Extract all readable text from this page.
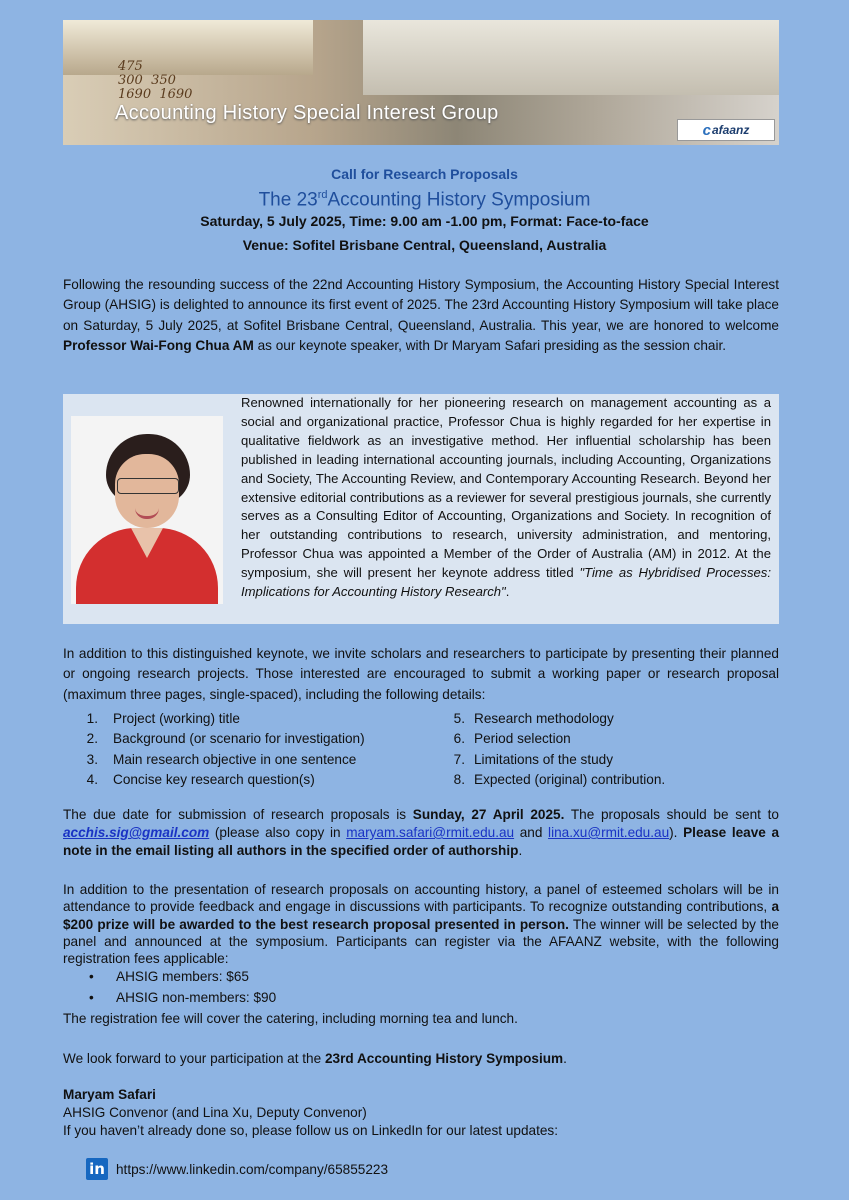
475
300  350
1690  1690
Accounting History Special Interest Group
c afaanz
Call for Research Proposals
The 23rdAccounting History Symposium
Saturday, 5 July 2025, Time: 9.00 am -1.00 pm, Format: Face-to-face
Venue: Sofitel Brisbane Central, Queensland, Australia
Following the resounding success of the 22nd Accounting History Symposium, the Accounting History Special Interest Group (AHSIG) is delighted to announce its first event of 2025. The 23rd Accounting History Symposium will take place on Saturday, 5 July 2025, at Sofitel Brisbane Central, Queensland, Australia. This year, we are honored to welcome Professor Wai-Fong Chua AM as our keynote speaker, with Dr Maryam Safari presiding as the session chair.
Renowned internationally for her pioneering research on management accounting as a social and organizational practice, Professor Chua is highly regarded for her expertise in qualitative fieldwork as an investigative method. Her influential scholarship has been published in leading international accounting journals, including Accounting, Organizations and Society, The Accounting Review, and Contemporary Accounting Research. Beyond her extensive editorial contributions as a reviewer for several prestigious journals, she currently serves as a Consulting Editor of Accounting, Organizations and Society. In recognition of her outstanding contributions to research, university administration, and mentoring, Professor Chua was appointed a Member of the Order of Australia (AM) in 2012. At the symposium, she will present her keynote address titled "Time as Hybridised Processes: Implications for Accounting History Research".
In addition to this distinguished keynote, we invite scholars and researchers to participate by presenting their planned or ongoing research projects. Those interested are encouraged to submit a working paper or research proposal (maximum three pages, single-spaced), including the following details:
1. Project (working) title
2. Background (or scenario for investigation)
3. Main research objective in one sentence
4. Concise key research question(s)
5. Research methodology
6. Period selection
7. Limitations of the study
8. Expected (original) contribution.
The due date for submission of research proposals is Sunday, 27 April 2025. The proposals should be sent to acchis.sig@gmail.com (please also copy in maryam.safari@rmit.edu.au and lina.xu@rmit.edu.au). Please leave a note in the email listing all authors in the specified order of authorship.
In addition to the presentation of research proposals on accounting history, a panel of esteemed scholars will be in attendance to provide feedback and engage in discussions with participants. To recognize outstanding contributions, a $200 prize will be awarded to the best research proposal presented in person. The winner will be selected by the panel and announced at the symposium. Participants can register via the AFAANZ website, with the following registration fees applicable:
• AHSIG members: $65
• AHSIG non-members: $90
The registration fee will cover the catering, including morning tea and lunch.
We look forward to your participation at the 23rd Accounting History Symposium.
Maryam Safari
AHSIG Convenor (and Lina Xu, Deputy Convenor)
If you haven’t already done so, please follow us on LinkedIn for our latest updates:
in https://www.linkedin.com/company/65855223
